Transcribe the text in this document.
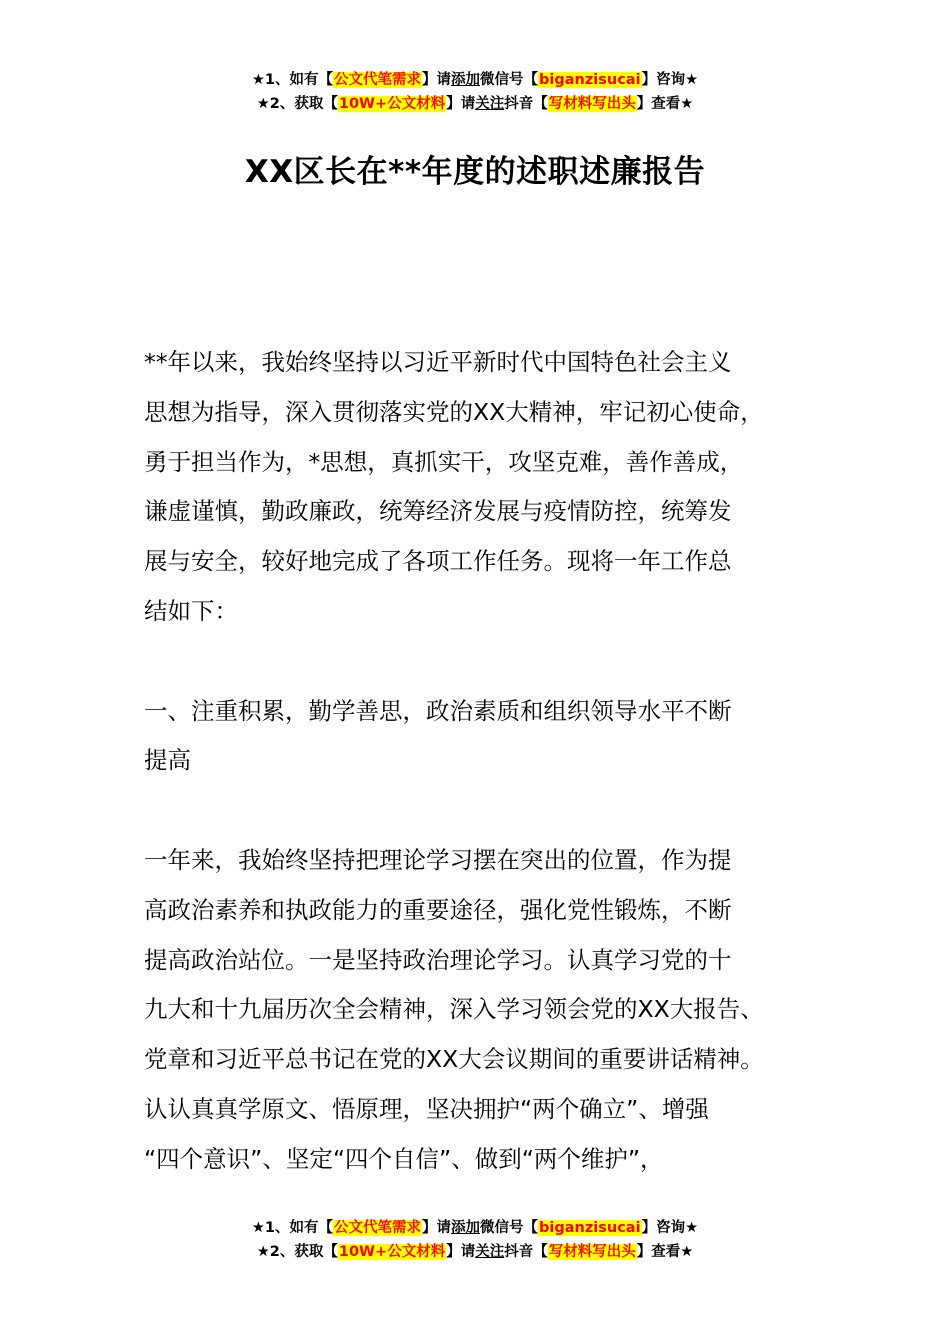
★1、如有【公文代笔需求】请添加微信号【biganzisucai】咨询★
★2、获取【10W+公文材料】请关注抖音【写材料写出头】查看★
XX区长在**年度的述职述廉报告
**年以来，我始终坚持以习近平新时代中国特色社会主义
思想为指导，深入贯彻落实党的XX大精神，牢记初心使命，
勇于担当作为，*思想，真抓实干，攻坚克难，善作善成，
谦虚谨慎，勤政廉政，统筹经济发展与疫情防控，统筹发
展与安全，较好地完成了各项工作任务。现将一年工作总
结如下：
一、注重积累，勤学善思，政治素质和组织领导水平不断
提高
一年来，我始终坚持把理论学习摆在突出的位置，作为提
高政治素养和执政能力的重要途径，强化党性锻炼，不断
提高政治站位。一是坚持政治理论学习。认真学习党的十
九大和十九届历次全会精神，深入学习领会党的XX大报告、
党章和习近平总书记在党的XX大会议期间的重要讲话精神。
认认真真学原文、悟原理，坚决拥护“两个确立”、增强
“四个意识”、坚定“四个自信”、做到“两个维护”，
★1、如有【公文代笔需求】请添加微信号【biganzisucai】咨询★
★2、获取【10W+公文材料】请关注抖音【写材料写出头】查看★
